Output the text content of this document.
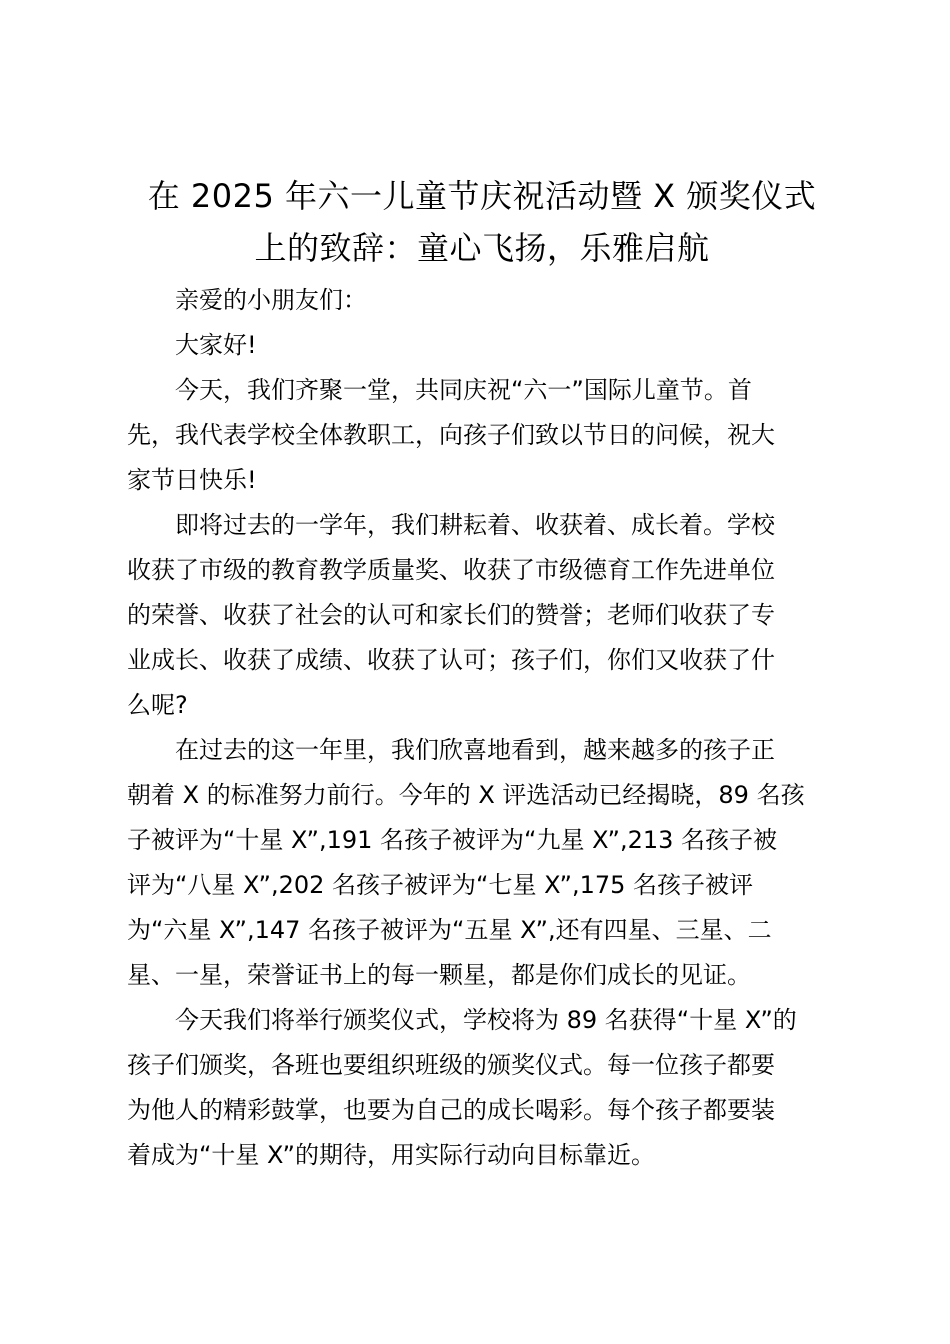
在 2025 年六一儿童节庆祝活动暨 X 颁奖仪式
上的致辞：童心飞扬，乐雅启航

亲爱的小朋友们：

大家好!

今天，我们齐聚一堂，共同庆祝“六一”国际儿童节。首
先，我代表学校全体教职工，向孩子们致以节日的问候，祝大
家节日快乐!

即将过去的一学年，我们耕耘着、收获着、成长着。学校
收获了市级的教育教学质量奖、收获了市级德育工作先进单位
的荣誉、收获了社会的认可和家长们的赞誉；老师们收获了专
业成长、收获了成绩、收获了认可；孩子们，你们又收获了什
么呢?

在过去的这一年里，我们欣喜地看到，越来越多的孩子正
朝着 X 的标准努力前行。今年的 X 评选活动已经揭晓，89 名孩
子被评为“十星 X”,191 名孩子被评为“九星 X”,213 名孩子被
评为“八星 X”,202 名孩子被评为“七星 X”,175 名孩子被评
为“六星 X”,147 名孩子被评为“五星 X”,还有四星、三星、二
星、一星，荣誉证书上的每一颗星，都是你们成长的见证。

今天我们将举行颁奖仪式，学校将为 89 名获得“十星 X”的
孩子们颁奖，各班也要组织班级的颁奖仪式。每一位孩子都要
为他人的精彩鼓掌，也要为自己的成长喝彩。每个孩子都要装
着成为“十星 X”的期待，用实际行动向目标靠近。
